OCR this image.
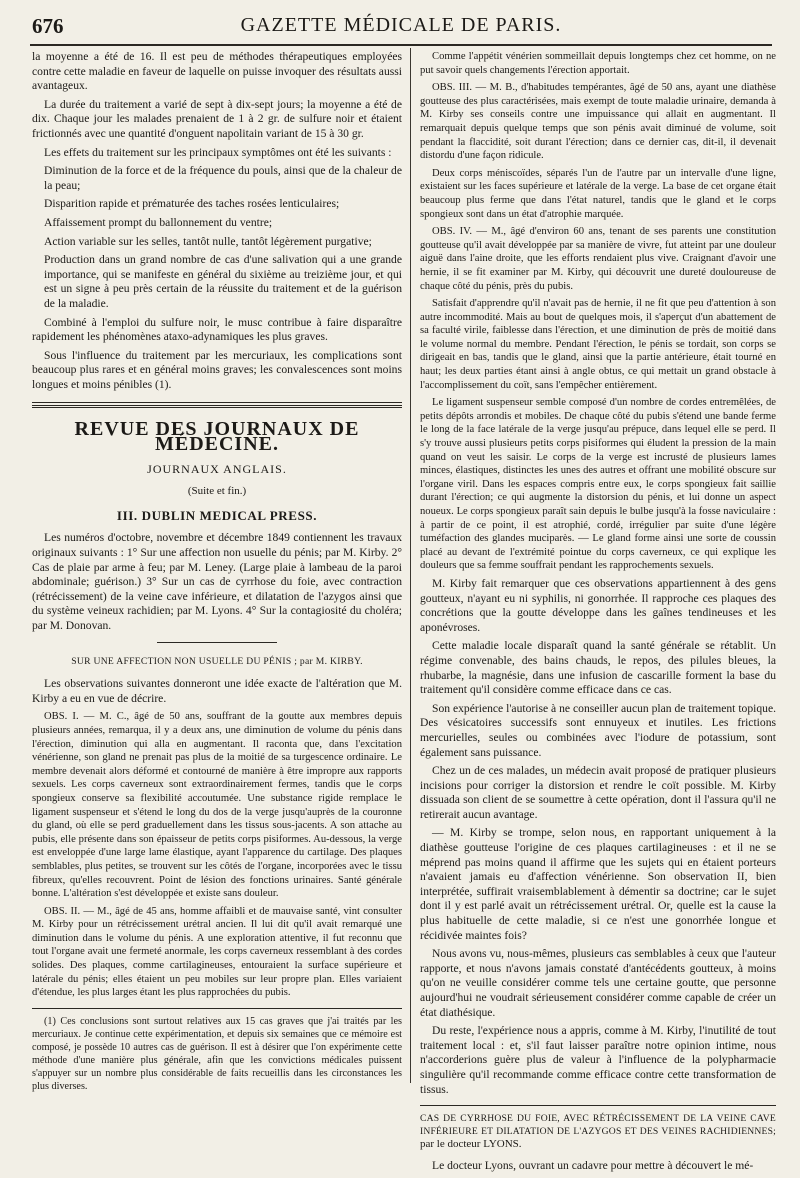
676	GAZETTE MÉDICALE DE PARIS.

la moyenne a été de 16. Il est peu de méthodes thérapeutiques employées contre cette maladie en faveur de laquelle on puisse invoquer des résultats aussi avantageux.

La durée du traitement a varié de sept à dix-sept jours; la moyenne a été de dix. Chaque jour les malades prenaient de 1 à 2 gr. de sulfure noir et étaient frictionnés avec une quantité d'onguent napolitain variant de 15 à 30 gr.

Les effets du traitement sur les principaux symptômes ont été les suivants :

Diminution de la force et de la fréquence du pouls, ainsi que de la chaleur de la peau;

Disparition rapide et prématurée des taches rosées lenticulaires;

Affaissement prompt du ballonnement du ventre;

Action variable sur les selles, tantôt nulle, tantôt légèrement purgative;

Production dans un grand nombre de cas d'une salivation qui a une grande importance, qui se manifeste en général du sixième au treizième jour, et qui est un signe à peu près certain de la réussite du traitement et de la guérison de la maladie.

Combiné à l'emploi du sulfure noir, le musc contribue à faire disparaître rapidement les phénomènes ataxo-adynamiques les plus graves.

Sous l'influence du traitement par les mercuriaux, les complications sont beaucoup plus rares et en général moins graves; les convalescences sont moins longues et moins pénibles (1).

REVUE DES JOURNAUX DE MÉDECINE.
JOURNAUX ANGLAIS.
(Suite et fin.)
III. DUBLIN MEDICAL PRESS.

Les numéros d'octobre, novembre et décembre 1849 contiennent les travaux originaux suivants : 1° Sur une affection non usuelle du pénis; par M. Kirby. 2° Cas de plaie par arme à feu; par M. Leney. (Large plaie à lambeau de la paroi abdominale; guérison.) 3° Sur un cas de cyrrhose du foie, avec contraction (rétrécissement) de la veine cave inférieure, et dilatation de l'azygos ainsi que du système veineux rachidien; par M. Lyons. 4° Sur la contagiosité du choléra; par M. Donovan.

SUR UNE AFFECTION NON USUELLE DU PÉNIS ; par M. KIRBY.

Les observations suivantes donneront une idée exacte de l'altération que M. Kirby a eu en vue de décrire.

OBS. I. — M. C., âgé de 50 ans, souffrant de la goutte aux membres depuis plusieurs années, remarqua, il y a deux ans, une diminution de volume du pénis dans l'érection, diminution qui alla en augmentant. Il raconta que, dans l'excitation vénérienne, son gland ne prenait pas plus de la moitié de sa turgescence ordinaire. Le membre devenait alors déformé et contourné de manière à être impropre aux rapports sexuels. Les corps caverneux sont extraordinairement fermes, tandis que le corps spongieux conserve sa flexibilité accoutumée. Une substance rigide remplace le ligament suspenseur et s'étend le long du dos de la verge jusqu'auprès de la couronne du gland, où elle se perd graduellement dans les tissus sous-jacents. A son attache au pubis, elle présente dans son épaisseur de petits corps pisiformes. Au-dessous, la verge est enveloppée d'une large lame élastique, ayant l'apparence du cartilage. Des plaques semblables, plus petites, se trouvent sur les côtés de l'organe, incorporées avec le tissu fibreux, qu'elles recouvrent. Point de lésion des fonctions urinaires. Santé générale bonne. L'altération s'est développée et existe sans douleur.

OBS. II. — M., âgé de 45 ans, homme affaibli et de mauvaise santé, vint consulter M. Kirby pour un rétrécissement urétral ancien. Il lui dit qu'il avait remarqué une diminution dans le volume du pénis. A une exploration attentive, il fut reconnu que tout l'organe avait une fermeté anormale, les corps caverneux ressemblant à des cordes solides. Des plaques, comme cartilagineuses, entouraient la surface supérieure et latérale du pénis; elles étaient un peu mobiles sur leur propre plan. Elles variaient d'étendue, les plus larges étant les plus rapprochées du pubis.

(1) Ces conclusions sont surtout relatives aux 15 cas graves que j'ai traités par les mercuriaux. Je continue cette expérimentation, et depuis six semaines que ce mémoire est composé, je possède 10 autres cas de guérison. Il est à désirer que l'on expérimente cette méthode d'une manière plus générale, afin que les convictions médicales puissent s'appuyer sur un nombre plus considérable de faits recueillis dans les circonstances les plus diverses.

Comme l'appétit vénérien sommeillait depuis longtemps chez cet homme, on ne put savoir quels changements l'érection apportait.

OBS. III. — M. B., d'habitudes tempérantes, âgé de 50 ans, ayant une diathèse goutteuse des plus caractérisées, mais exempt de toute maladie urinaire, demanda à M. Kirby ses conseils contre une impuissance qui allait en augmentant. Il remarquait depuis quelque temps que son pénis avait diminué de volume, soit pendant la flaccidité, soit durant l'érection; dans ce dernier cas, dit-il, il devenait distordu d'une façon ridicule.

Deux corps méniscoïdes, séparés l'un de l'autre par un intervalle d'une ligne, existaient sur les faces supérieure et latérale de la verge. La base de cet organe était beaucoup plus ferme que dans l'état naturel, tandis que le gland et le corps spongieux sont dans un état d'atrophie marquée.

OBS. IV. — M., âgé d'environ 60 ans, tenant de ses parents une constitution goutteuse qu'il avait développée par sa manière de vivre, fut atteint par une douleur aiguë dans l'aine droite, que les efforts rendaient plus vive. Craignant d'avoir une hernie, il se fit examiner par M. Kirby, qui découvrit une dureté douloureuse de chaque côté du pénis, près du pubis.

Satisfait d'apprendre qu'il n'avait pas de hernie, il ne fit que peu d'attention à son autre incommodité. Mais au bout de quelques mois, il s'aperçut d'un abattement de sa faculté virile, faiblesse dans l'érection, et une diminution de près de moitié dans le volume normal du membre. Pendant l'érection, le pénis se tordait, son corps se dirigeait en bas, tandis que le gland, ainsi que la partie antérieure, était tourné en haut; les deux parties étant ainsi à angle obtus, ce qui mettait un grand obstacle à l'accomplissement du coït, sans l'empêcher entièrement.

Le ligament suspenseur semble composé d'un nombre de cordes entremêlées, de petits dépôts arrondis et mobiles. De chaque côté du pubis s'étend une bande ferme le long de la face latérale de la verge jusqu'au prépuce, dans lequel elle se perd. Il s'y trouve aussi plusieurs petits corps pisiformes qui éludent la pression de la main quand on veut les saisir. Le corps de la verge est incrusté de plusieurs lames minces, élastiques, distinctes les unes des autres et offrant une mobilité obscure sur l'organe viril. Dans les espaces compris entre eux, le corps spongieux fait saillie durant l'érection; ce qui augmente la distorsion du pénis, et lui donne un aspect noueux. Le corps spongieux paraît sain depuis le bulbe jusqu'à la fosse naviculaire : à partir de ce point, il est atrophié, cordé, irrégulier par suite d'une légère tuméfaction des glandes muciparès. — Le gland forme ainsi une sorte de coussin placé au devant de l'extrémité pointue du corps caverneux, ce qui explique les douleurs que sa femme souffrait pendant les rapprochements sexuels.

M. Kirby fait remarquer que ces observations appartiennent à des gens goutteux, n'ayant eu ni syphilis, ni gonorrhée. Il rapproche ces plaques des concrétions que la goutte développe dans les gaînes tendineuses et les aponévroses.

Cette maladie locale disparaît quand la santé générale se rétablit. Un régime convenable, des bains chauds, le repos, des pilules bleues, la rhubarbe, la magnésie, dans une infusion de cascarille forment la base du traitement qu'il considère comme efficace dans ce cas.

Son expérience l'autorise à ne conseiller aucun plan de traitement topique. Des vésicatoires successifs sont ennuyeux et inutiles. Les frictions mercurielles, seules ou combinées avec l'iodure de potassium, sont également sans puissance.

Chez un de ces malades, un médecin avait proposé de pratiquer plusieurs incisions pour corriger la distorsion et rendre le coït possible. M. Kirby dissuada son client de se soumettre à cette opération, dont il l'assura qu'il ne retirerait aucun avantage.

— M. Kirby se trompe, selon nous, en rapportant uniquement à la diathèse goutteuse l'origine de ces plaques cartilagineuses : et il ne se méprend pas moins quand il affirme que les sujets qui en étaient porteurs n'avaient jamais eu d'affection vénérienne. Son observation II, bien interprétée, suffirait vraisemblablement à démentir sa doctrine; car le sujet dont il y est parlé avait un rétrécissement urétral. Or, quelle est la cause la plus habituelle de cette maladie, si ce n'est une gonorrhée longue et récidivée maintes fois?

Nous avons vu, nous-mêmes, plusieurs cas semblables à ceux que l'auteur rapporte, et nous n'avons jamais constaté d'antécédents goutteux, à moins qu'on ne veuille considérer comme tels une certaine goutte, que personne aujourd'hui ne voudrait sérieusement considérer comme capable de créer un état diathésique.

Du reste, l'expérience nous a appris, comme à M. Kirby, l'inutilité de tout traitement local : et, s'il faut laisser paraître notre opinion intime, nous n'accorderions guère plus de valeur à l'influence de la polypharmacie singulière qu'il recommande comme efficace contre cette transformation de tissus.

CAS DE CYRRHOSE DU FOIE, AVEC RÉTRÉCISSEMENT DE LA VEINE CAVE INFÉRIEURE ET DILATATION DE L'AZYGOS ET DES VEINES RACHIDIENNES; par le docteur LYONS.

Le docteur Lyons, ouvrant un cadavre pour mettre à découvert le mé-
